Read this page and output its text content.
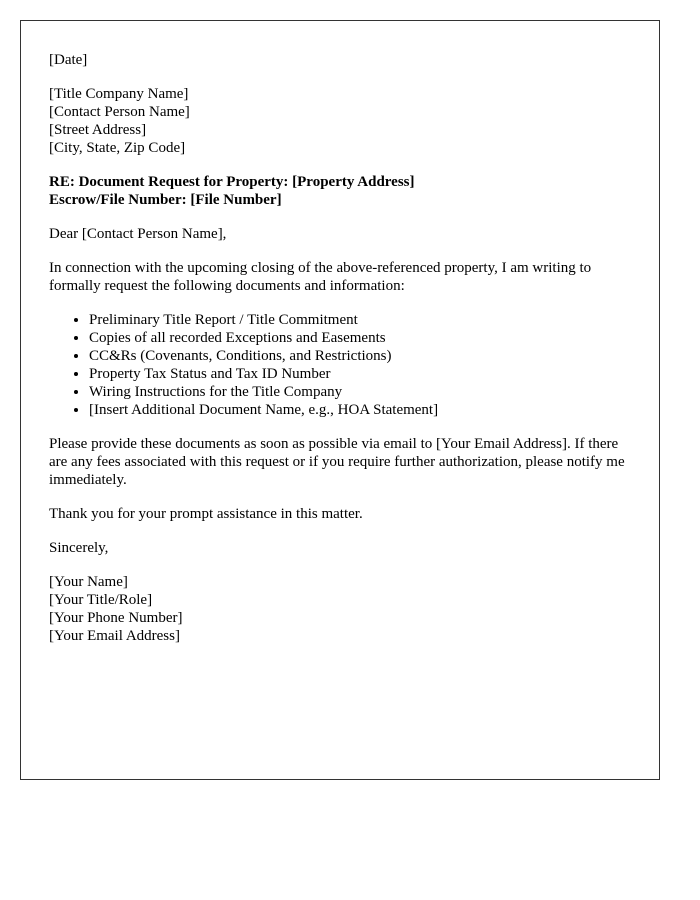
[Date]
[Title Company Name]
[Contact Person Name]
[Street Address]
[City, State, Zip Code]
RE: Document Request for Property: [Property Address]
Escrow/File Number: [File Number]

Dear [Contact Person Name],

In connection with the upcoming closing of the above-referenced property, I am writing to formally request the following documents and information:

• Preliminary Title Report / Title Commitment
• Copies of all recorded Exceptions and Easements
• CC&Rs (Covenants, Conditions, and Restrictions)
• Property Tax Status and Tax ID Number
• Wiring Instructions for the Title Company
• [Insert Additional Document Name, e.g., HOA Statement]

Please provide these documents as soon as possible via email to [Your Email Address]. If there are any fees associated with this request or if you require further authorization, please notify me immediately.

Thank you for your prompt assistance in this matter.

Sincerely,

[Your Name]
[Your Title/Role]
[Your Phone Number]
[Your Email Address]
